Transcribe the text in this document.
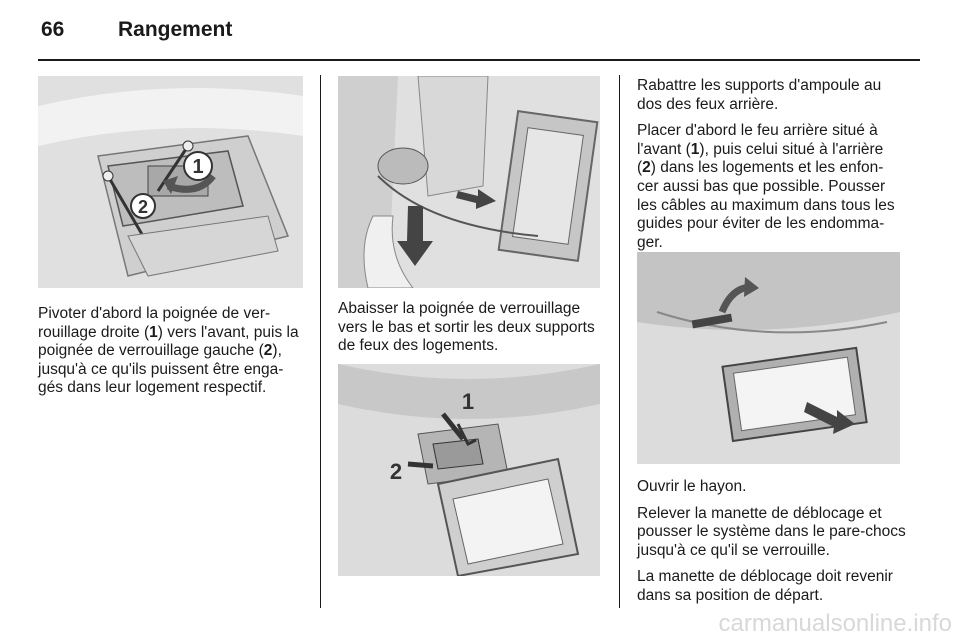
66	Rangement
1
2
Pivoter d'abord la poignée de ver-rouillage droite (1) vers l'avant, puis la poignée de verrouillage gauche (2), jusqu'à ce qu'ils puissent être enga-gés dans leur logement respectif.
Abaisser la poignée de verrouillage vers le bas et sortir les deux supports de feux des logements.
1
2

Rabattre les supports d'ampoule au dos des feux arrière.

Placer d'abord le feu arrière situé à l'avant (1), puis celui situé à l'arrière (2) dans les logements et les enfon-cer aussi bas que possible. Pousser les câbles au maximum dans tous les guides pour éviter de les endomma-ger.

Ouvrir le hayon.

Relever la manette de déblocage et pousser le système dans le pare-chocs jusqu'à ce qu'il se verrouille.

La manette de déblocage doit revenir dans sa position de départ.

carmanualsonline.info
